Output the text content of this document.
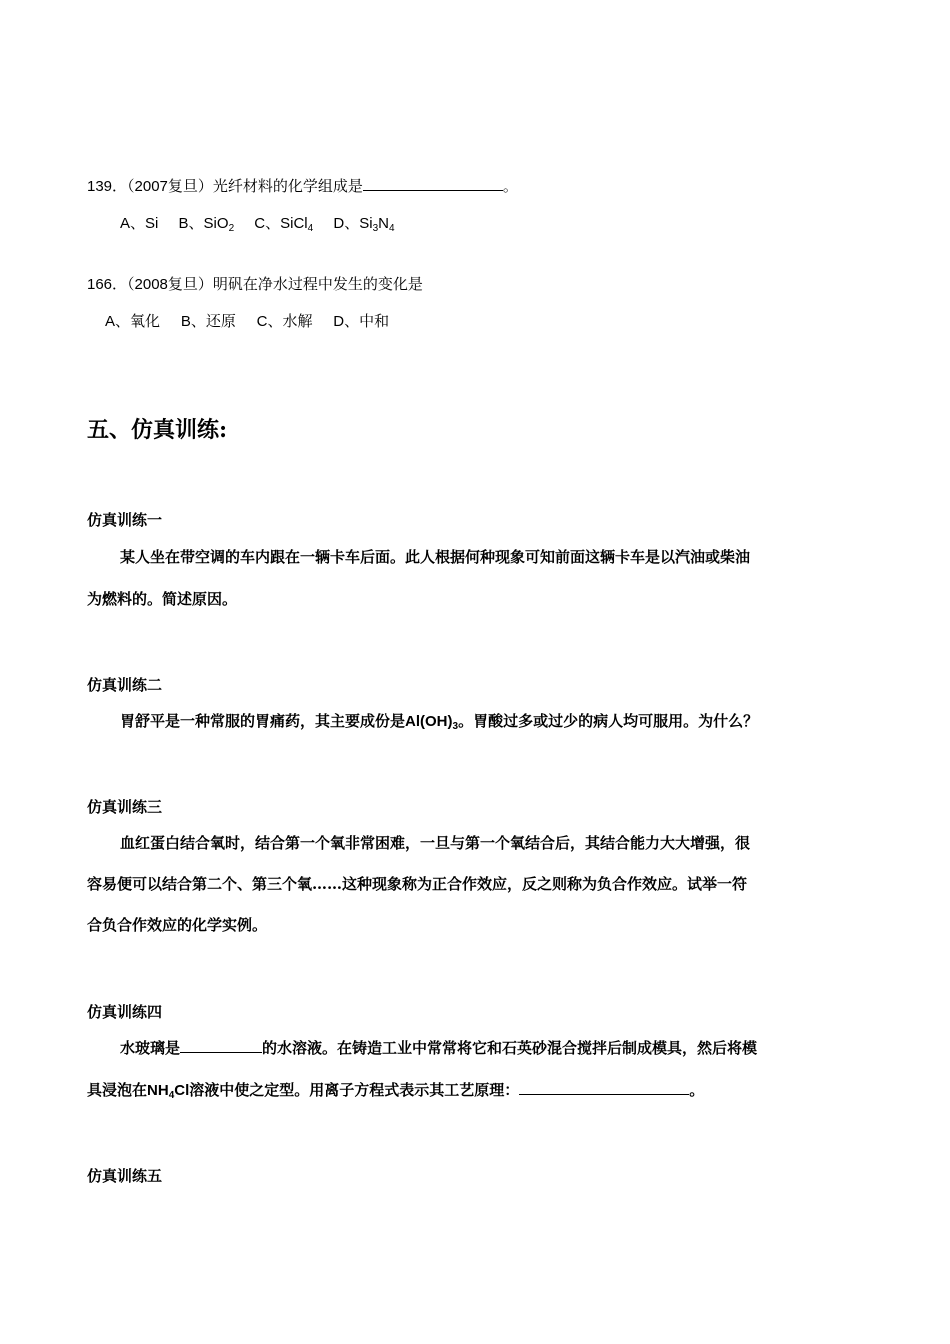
139．（2007复旦）光纤材料的化学组成是	。
A、Si B、SiO$_2$ C、SiCl$_4$ D、$Si_3N_4$
166．（2008复旦）明矾在净水过程中发生的变化是
A、氧化 B、还原 C、水解 D、中和
五、仿真训练:
仿真训练一
某人坐在带空调的车内跟在一辆卡车后面。此人根据何种现象可知前面这辆卡车是以汽油或柴油
为燃料的。简述原因。
仿真训练二
胃舒平是一种常服的胃痛药，其主要成份是$Al(OH)_3$。胃酸过多或过少的病人均可服用。为什么？
仿真训练三
血红蛋白结合氧时，结合第一个氧非常困难，一旦与第一个氧结合后，其结合能力大大增强，很
容易便可以结合第二个、第三个氧……这种现象称为正合作效应，反之则称为负合作效应。试举一符
合负合作效应的化学实例。
仿真训练四
水玻璃是	的水溶液。在铸造工业中常常将它和石英砂混合搅拌后制成模具，然后将模
具浸泡在$NH_4Cl$溶液中使之定型。用离子方程式表示其工艺原理：	。
仿真训练五
